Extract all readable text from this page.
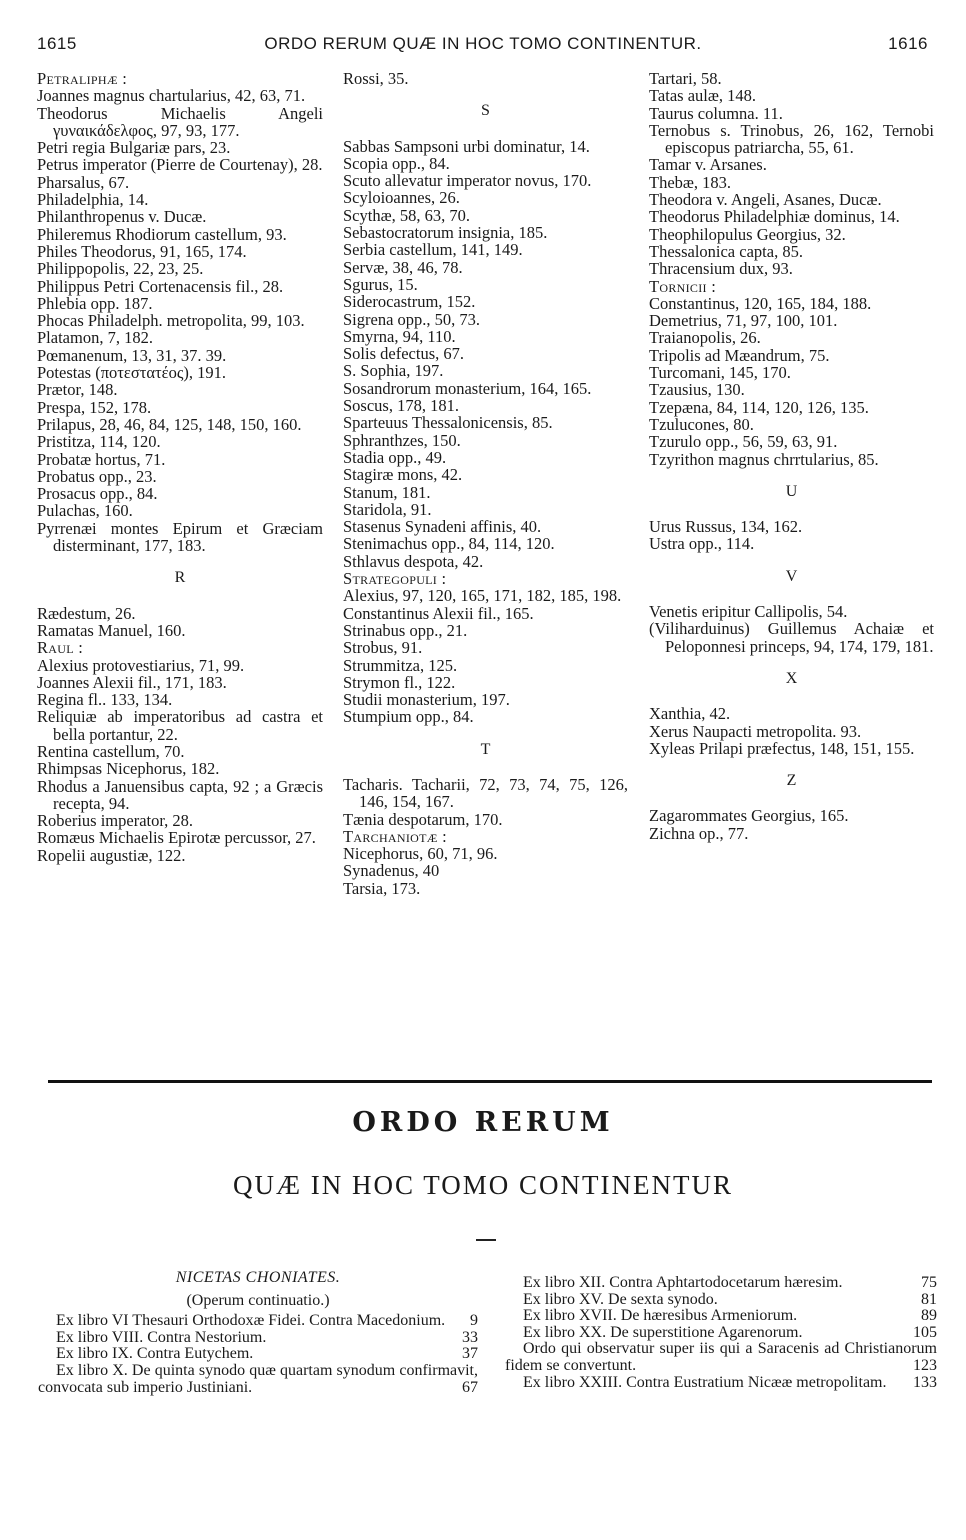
1615	ORDO RERUM QUÆ IN HOC TOMO CONTINENTUR.	1616
Petraliphæ :
Joannes magnus chartularius, 42, 63, 71.
Theodorus Michaelis Angeli γυναικάδελφος, 97, 93, 177.
Petri regia Bulgariæ pars, 23.
Petrus imperator (Pierre de Courtenay), 28.
Pharsalus, 67.
Philadelphia, 14.
Philanthropenus v. Ducæ.
Phileremus Rhodiorum castellum, 93.
Philes Theodorus, 91, 165, 174.
Philippopolis, 22, 23, 25.
Philippus Petri Cortenacensis fil., 28.
Phlebia opp. 187.
Phocas Philadelph. metropolita, 99, 103.
Platamon, 7, 182.
Pœmanenum, 13, 31, 37. 39.
Potestas (ποτεστατέος), 191.
Prætor, 148.
Prespa, 152, 178.
Prilapus, 28, 46, 84, 125, 148, 150, 160.
Pristitza, 114, 120.
Probatæ hortus, 71.
Probatus opp., 23.
Prosacus opp., 84.
Pulachas, 160.
Pyrrenæi montes Epirum et Græciam disterminant, 177, 183.
R
Rædestum, 26.
Ramatas Manuel, 160.
Raul :
Alexius protovestiarius, 71, 99.
Joannes Alexii fil., 171, 183.
Regina fl.. 133, 134.
Reliquiæ ab imperatoribus ad castra et bella portantur, 22.
Rentina castellum, 70.
Rhimpsas Nicephorus, 182.
Rhodus a Januensibus capta, 92 ; a Græcis recepta, 94.
Roberius imperator, 28.
Romæus Michaelis Epirotæ percussor, 27.
Ropelii augustiæ, 122.
Rossi, 35.
S
Sabbas Sampsoni urbi dominatur, 14.
Scopia opp., 84.
Scuto allevatur imperator novus, 170.
Scyloioannes, 26.
Scythæ, 58, 63, 70.
Sebastocratorum insignia, 185.
Serbia castellum, 141, 149.
Servæ, 38, 46, 78.
Sgurus, 15.
Siderocastrum, 152.
Sigrena opp., 50, 73.
Smyrna, 94, 110.
Solis defectus, 67.
S. Sophia, 197.
Sosandrorum monasterium, 164, 165.
Soscus, 178, 181.
Sparteuus Thessalonicensis, 85.
Sphranthzes, 150.
Stadia opp., 49.
Stagiræ mons, 42.
Stanum, 181.
Staridola, 91.
Stasenus Synadeni affinis, 40.
Stenimachus opp., 84, 114, 120.
Sthlavus despota, 42.
Strategopuli :
Alexius, 97, 120, 165, 171, 182, 185, 198.
Constantinus Alexii fil., 165.
Strinabus opp., 21.
Strobus, 91.
Strummitza, 125.
Strymon fl., 122.
Studii monasterium, 197.
Stumpium opp., 84.
T
Tacharis. Tacharii, 72, 73, 74, 75, 126, 146, 154, 167.
Tænia despotarum, 170.
Tarchaniotæ :
Nicephorus, 60, 71, 96.
Synadenus, 40
Tarsia, 173.
Tartari, 58.
Tatas aulæ, 148.
Taurus columna. 11.
Ternobus s. Trinobus, 26, 162, Ternobi episcopus patriarcha, 55, 61.
Tamar v. Arsanes.
Thebæ, 183.
Theodora v. Angeli, Asanes, Ducæ.
Theodorus Philadelphiæ dominus, 14.
Theophilopulus Georgius, 32.
Thessalonica capta, 85.
Thracensium dux, 93.
Tornicii :
Constantinus, 120, 165, 184, 188.
Demetrius, 71, 97, 100, 101.
Traianopolis, 26.
Tripolis ad Mæandrum, 75.
Turcomani, 145, 170.
Tzausius, 130.
Tzepæna, 84, 114, 120, 126, 135.
Tzulucones, 80.
Tzurulo opp., 56, 59, 63, 91.
Tzyrithon magnus chrrtularius, 85.
U
Urus Russus, 134, 162.
Ustra opp., 114.
V
Venetis eripitur Callipolis, 54.
(Viliharduinus) Guillemus Achaiæ et Peloponnesi princeps, 94, 174, 179, 181.
X
Xanthia, 42.
Xerus Naupacti metropolita. 93.
Xyleas Prilapi præfectus, 148, 151, 155.
Z
Zagarommates Georgius, 165.
Zichna op., 77.
ORDO RERUM
QUÆ IN HOC TOMO CONTINENTUR
NICETAS CHONIATES.
(Operum continuatio.)
Ex libro VI Thesauri Orthodoxæ Fidei. Contra Macedonium. 9
Ex libro VIII. Contra Nestorium.	33
Ex libro IX. Contra Eutychem.	37
Ex libro X. De quinta synodo quæ quartam synodum confirmavit, convocata sub imperio Justiniani.	67
Ex libro XII. Contra Aphtartodocetarum hæresim.	75
Ex libro XV. De sexta synodo.	81
Ex libro XVII. De hæresibus Armeniorum.	89
Ex libro XX. De superstitione Agarenorum.	105
Ordo qui observatur super iis qui a Saracenis ad Christianorum fidem se convertunt.	123
Ex libro XXIII. Contra Eustratium Nicææ metropolitam. 133
